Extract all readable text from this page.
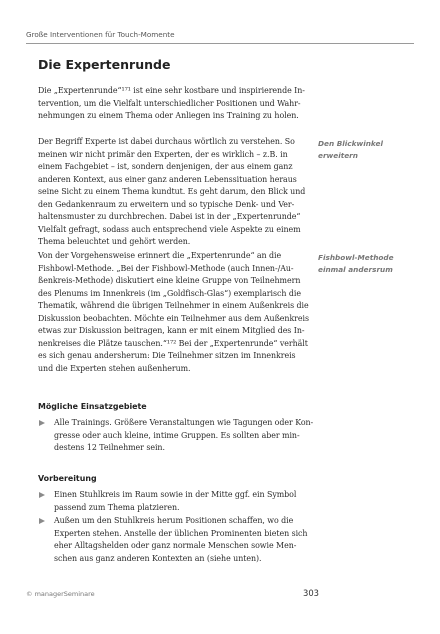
Große Interventionen für Touch-Momente
Die Expertenrunde

Die „Expertenrunde“¹⁷¹ ist eine sehr kostbare und inspirierende In-

tervention, um die Vielfalt unterschiedlicher Positionen und Wahr-

nehmungen zu einem Thema oder Anliegen ins Training zu holen.

Der Begriff Experte ist dabei durchaus wörtlich zu verstehen. So

meinen wir nicht primär den Experten, der es wirklich – z.B. in

einem Fachgebiet – ist, sondern denjenigen, der aus einem ganz

anderen Kontext, aus einer ganz anderen Lebenssituation heraus

seine Sicht zu einem Thema kundtut. Es geht darum, den Blick und

den Gedankenraum zu erweitern und so typische Denk- und Ver-

haltensmuster zu durchbrechen. Dabei ist in der „Expertenrunde“

Vielfalt gefragt, sodass auch entsprechend viele Aspekte zu einem

Thema beleuchtet und gehört werden.

Den Blickwinkel

erweitern

Von der Vorgehensweise erinnert die „Expertenrunde“ an die

Fishbowl-Methode. „Bei der Fishbowl-Methode (auch Innen-/Au-

ßenkreis-Methode) diskutiert eine kleine Gruppe von Teilnehmern

des Plenums im Innenkreis (im „Goldfisch-Glas“) exemplarisch die

Thematik, während die übrigen Teilnehmer in einem Außenkreis die

Diskussion beobachten. Möchte ein Teilnehmer aus dem Außenkreis

etwas zur Diskussion beitragen, kann er mit einem Mitglied des In-

nenkreises die Plätze tauschen.“¹⁷² Bei der „Expertenrunde“ verhält

es sich genau andersherum: Die Teilnehmer sitzen im Innenkreis

und die Experten stehen außenherum.

Fishbowl-Methode

einmal andersrum

Mögliche Einsatzgebiete

Alle Trainings. Größere Veranstaltungen wie Tagungen oder Kon-

gresse oder auch kleine, intime Gruppen. Es sollten aber min-

destens 12 Teilnehmer sein.

Vorbereitung

Einen Stuhlkreis im Raum sowie in der Mitte ggf. ein Symbol

passend zum Thema platzieren.

Außen um den Stuhlkreis herum Positionen schaffen, wo die

Experten stehen. Anstelle der üblichen Prominenten bieten sich

eher Alltagshelden oder ganz normale Menschen sowie Men-

schen aus ganz anderen Kontexten an (siehe unten).

© managerSeminare	303
